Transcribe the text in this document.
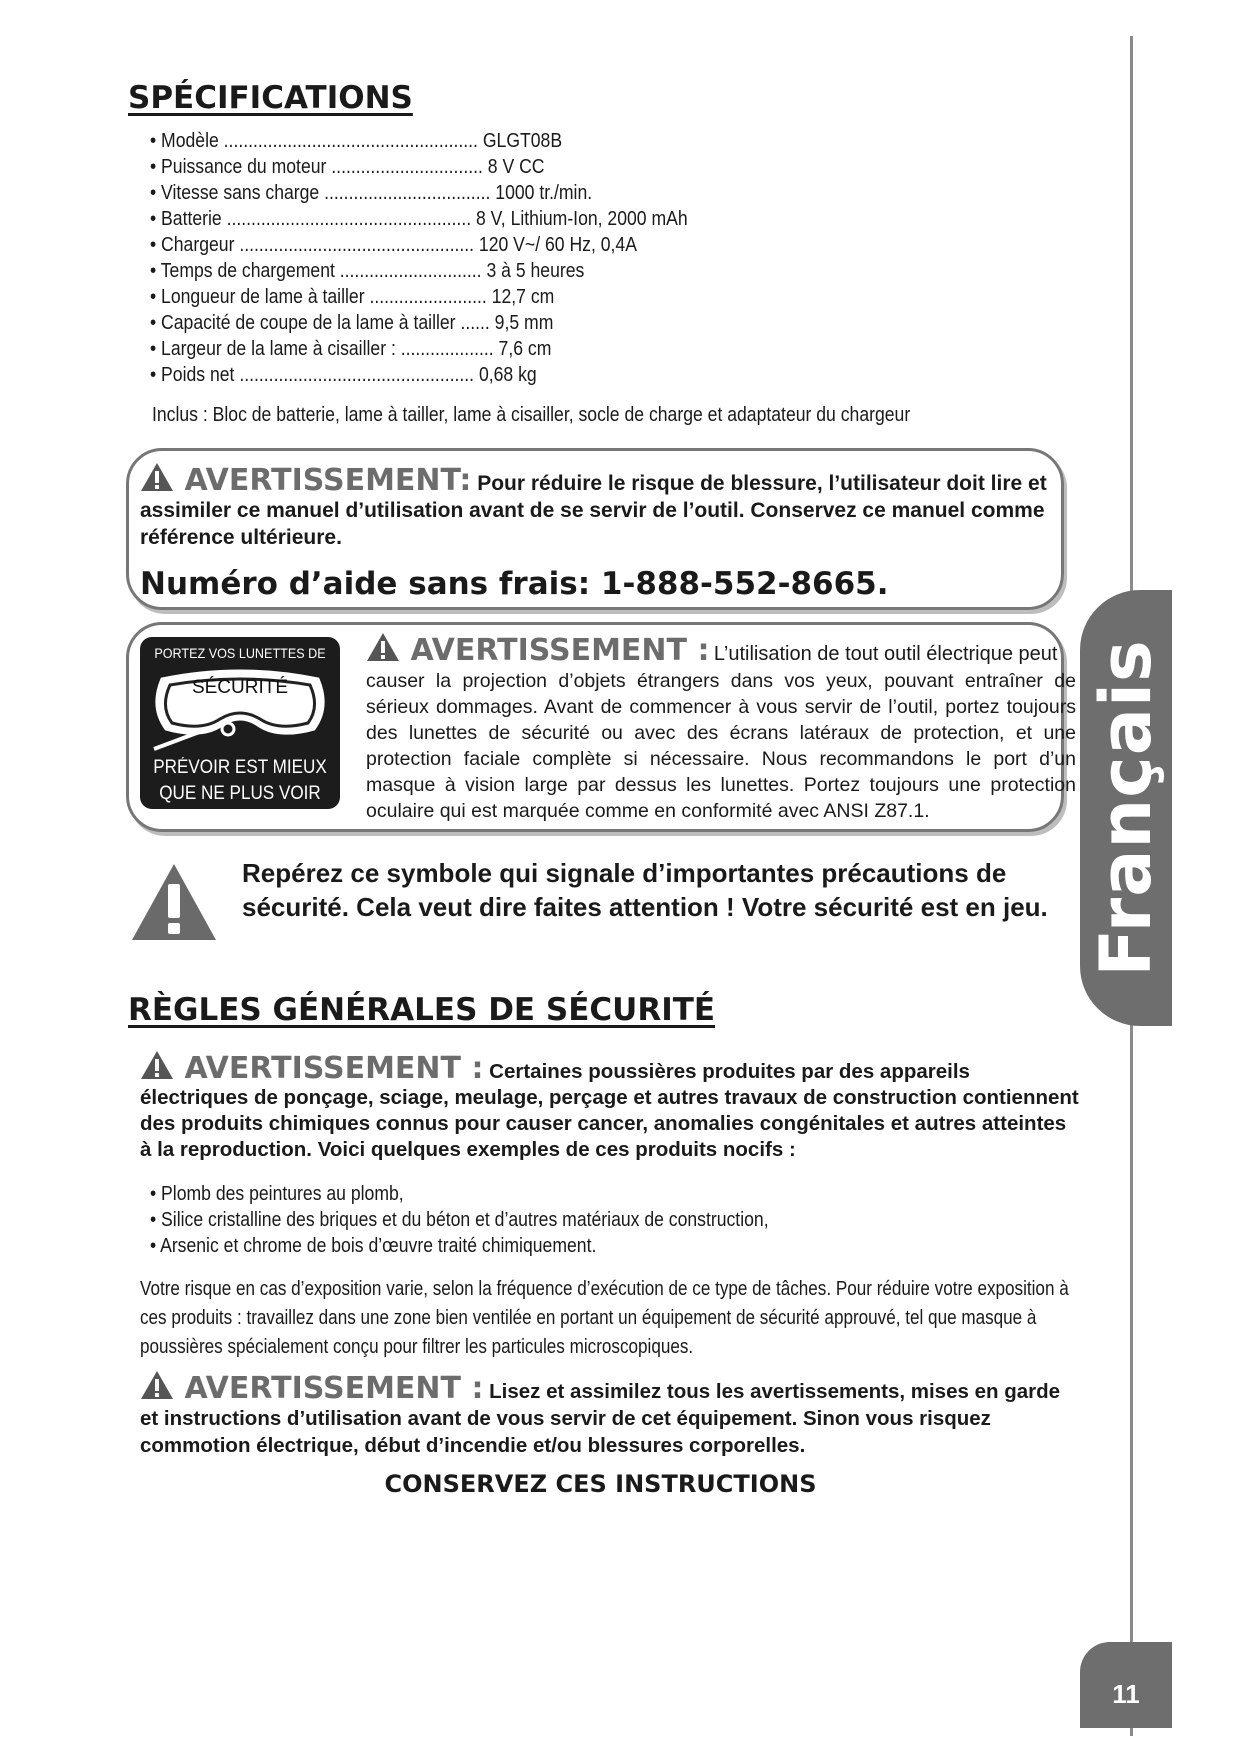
Français
11
SPÉCIFICATIONS
• Modèle .................................................... GLGT08B
• Puissance du moteur ............................... 8 V CC
• Vitesse sans charge .................................. 1000 tr./min.
• Batterie .................................................. 8 V, Lithium-Ion, 2000 mAh
• Chargeur ................................................ 120 V~/ 60 Hz, 0,4A
• Temps de chargement ............................. 3 à 5 heures
• Longueur de lame à tailler ........................ 12,7 cm
• Capacité de coupe de la lame à tailler ...... 9,5 mm
• Largeur de la lame à cisailler : ................... 7,6 cm
• Poids net ................................................ 0,68 kg
Inclus : Bloc de batterie, lame à tailler, lame à cisailler, socle de charge et adaptateur du chargeur
AVERTISSEMENT: Pour réduire le risque de blessure, l’utilisateur doit lire et assimiler ce manuel d’utilisation avant de se servir de l’outil. Conservez ce manuel comme référence ultérieure.
Numéro d’aide sans frais: 1-888-552-8665.
PORTEZ VOS LUNETTES DE
SÉCURITÉ
PRÉVOIR EST MIEUX
QUE NE PLUS VOIR
AVERTISSEMENT : L’utilisation de tout outil électrique peut
causer la projection d’objets étrangers dans vos yeux, pouvant entraîner de sérieux dommages. Avant de commencer à vous servir de l’outil, portez toujours des lunettes de sécurité ou avec des écrans latéraux de protection, et une protection faciale complète si nécessaire. Nous recommandons le port d’un masque à vision large par dessus les lunettes. Portez toujours une protection oculaire qui est marquée comme en conformité avec ANSI Z87.1.
Repérez ce symbole qui signale d’importantes précautions de sécurité. Cela veut dire faites attention ! Votre sécurité est en jeu.
RÈGLES GÉNÉRALES DE SÉCURITÉ
AVERTISSEMENT : Certaines poussières produites par des appareils électriques de ponçage, sciage, meulage, perçage et autres travaux de construction contiennent des produits chimiques connus pour causer cancer, anomalies congénitales et autres atteintes à la reproduction. Voici quelques exemples de ces produits nocifs :
• Plomb des peintures au plomb,
• Silice cristalline des briques et du béton et d’autres matériaux de construction,
• Arsenic et chrome de bois d’œuvre traité chimiquement.
Votre risque en cas d’exposition varie, selon la fréquence d’exécution de ce type de tâches. Pour réduire votre exposition à ces produits : travaillez dans une zone bien ventilée en portant un équipement de sécurité approuvé, tel que masque à poussières spécialement conçu pour filtrer les particules microscopiques.
AVERTISSEMENT : Lisez et assimilez tous les avertissements, mises en garde et instructions d’utilisation avant de vous servir de cet équipement. Sinon vous risquez commotion électrique, début d’incendie et/ou blessures corporelles.
CONSERVEZ CES INSTRUCTIONS
